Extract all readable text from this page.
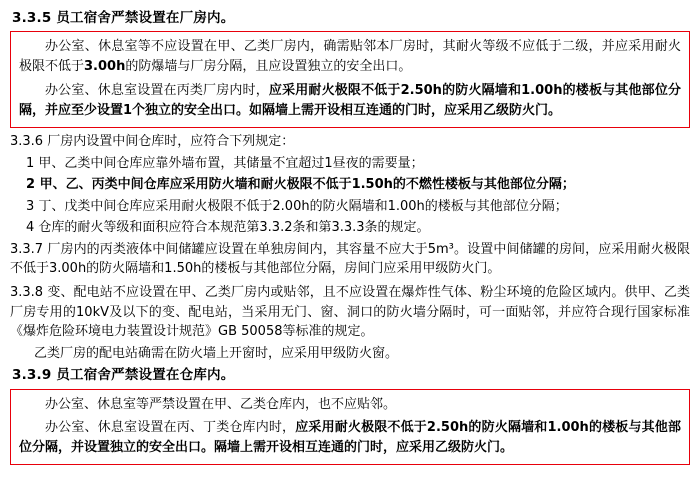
3.3.5 员工宿舍严禁设置在厂房内。

办公室、休息室等不应设置在甲、乙类厂房内，确需贴邻本厂房时，其耐火等级不应低于二级，并应采用耐火极限不低于3.00h的防爆墙与厂房分隔，且应设置独立的安全出口。

办公室、休息室设置在丙类厂房内时，应采用耐火极限不低于2.50h的防火隔墙和1.00h的楼板与其他部位分隔，并应至少设置1个独立的安全出口。如隔墙上需开设相互连通的门时，应采用乙级防火门。

3.3.6 厂房内设置中间仓库时，应符合下列规定：
1 甲、乙类中间仓库应靠外墙布置，其储量不宜超过1昼夜的需要量；
2 甲、乙、丙类中间仓库应采用防火墙和耐火极限不低于1.50h的不燃性楼板与其他部位分隔；
3 丁、戊类中间仓库应采用耐火极限不低于2.00h的防火隔墙和1.00h的楼板与其他部位分隔；
4 仓库的耐火等级和面积应符合本规范第3.3.2条和第3.3.3条的规定。
3.3.7 厂房内的丙类液体中间储罐应设置在单独房间内，其容量不应大于5m³。设置中间储罐的房间，应采用耐火极限不低于3.00h的防火隔墙和1.50h的楼板与其他部位分隔，房间门应采用甲级防火门。
3.3.8 变、配电站不应设置在甲、乙类厂房内或贴邻，且不应设置在爆炸性气体、粉尘环境的危险区域内。供甲、乙类厂房专用的10kV及以下的变、配电站，当采用无门、窗、洞口的防火墙分隔时，可一面贴邻，并应符合现行国家标准《爆炸危险环境电力装置设计规范》GB 50058等标准的规定。
乙类厂房的配电站确需在防火墙上开窗时，应采用甲级防火窗。
3.3.9 员工宿舍严禁设置在仓库内。

办公室、休息室等严禁设置在甲、乙类仓库内，也不应贴邻。

办公室、休息室设置在丙、丁类仓库内时，应采用耐火极限不低于2.50h的防火隔墙和1.00h的楼板与其他部位分隔，并设置独立的安全出口。隔墙上需开设相互连通的门时，应采用乙级防火门。
